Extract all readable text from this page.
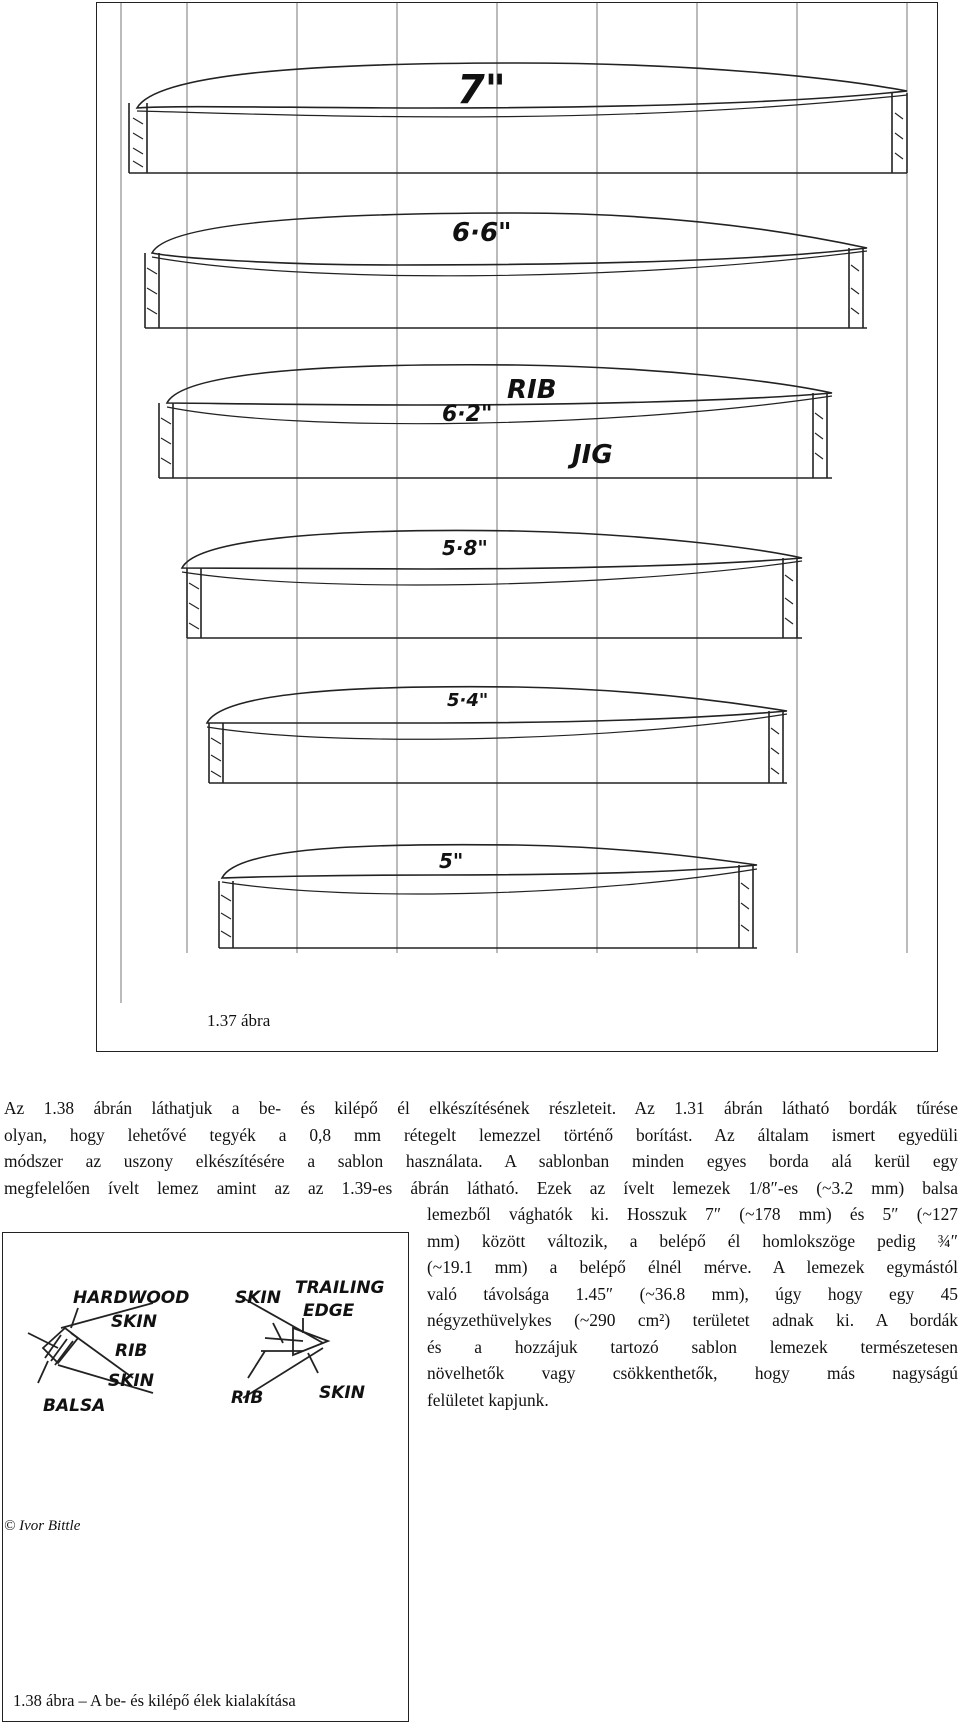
7"
6·6"
6·2"
RIB
JIG
5·8"
5·4"
5"
1.37 ábra
Az 1.38 ábrán láthatjuk a be- és kilépő él elkészítésének részleteit. Az 1.31 ábrán látható bordák tűrése
olyan, hogy lehetővé tegyék a 0,8 mm rétegelt lemezzel történő borítást. Az általam ismert egyedüli
módszer az uszony elkészítésére a sablon használata. A sablonban minden egyes borda alá kerül egy
megfelelően ívelt lemez amint az az 1.39-es ábrán látható. Ezek az ívelt lemezek 1/8″-es (~3.2 mm) balsa
lemezből vághatók ki. Hosszuk 7″ (~178 mm) és 5″ (~127
mm) között változik, a belépő él homlokszöge pedig ¾″
(~19.1 mm) a belépő élnél mérve. A lemezek egymástól
való távolsága 1.45″ (~36.8 mm), úgy hogy egy 45
négyzethüvelykes (~290 cm²) területet adnak ki. A bordák
és a hozzájuk tartozó sablon lemezek természetesen
növelhetők vagy csökkenthetők, hogy más nagyságú
felületet kapjunk.
HARDWOOD
SKIN
RIB
SKIN
BALSA
SKIN TRAILING
EDGE
RIB	SKIN
1.38 ábra – A be- és kilépő élek kialakítása
© Ivor Bittle
